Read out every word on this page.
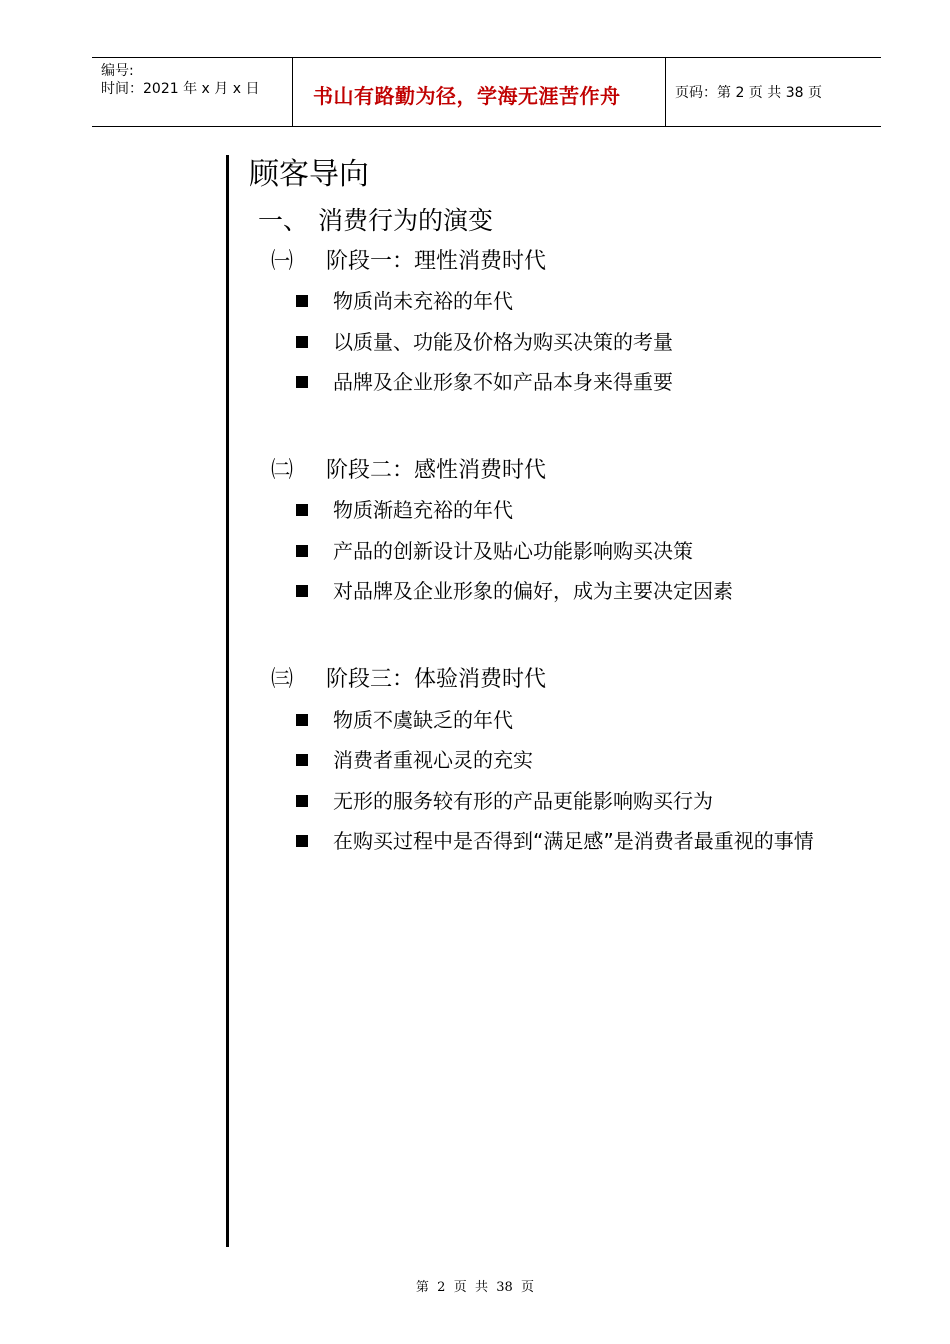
编号:
时间：2021 年 x 月 x 日	书山有路勤为径，学海无涯苦作舟	页码：第 2 页 共 38 页
顾客导向
一、 消费行为的演变
㈠ 阶段一：理性消费时代
物质尚未充裕的年代
以质量、功能及价格为购买决策的考量
品牌及企业形象不如产品本身来得重要
㈡ 阶段二：感性消费时代
物质渐趋充裕的年代
产品的创新设计及贴心功能影响购买决策
对品牌及企业形象的偏好，成为主要决定因素
㈢ 阶段三：体验消费时代
物质不虞缺乏的年代
消费者重视心灵的充实
无形的服务较有形的产品更能影响购买行为
在购买过程中是否得到“满足感”是消费者最重视的事情
第  2  页  共  38  页
